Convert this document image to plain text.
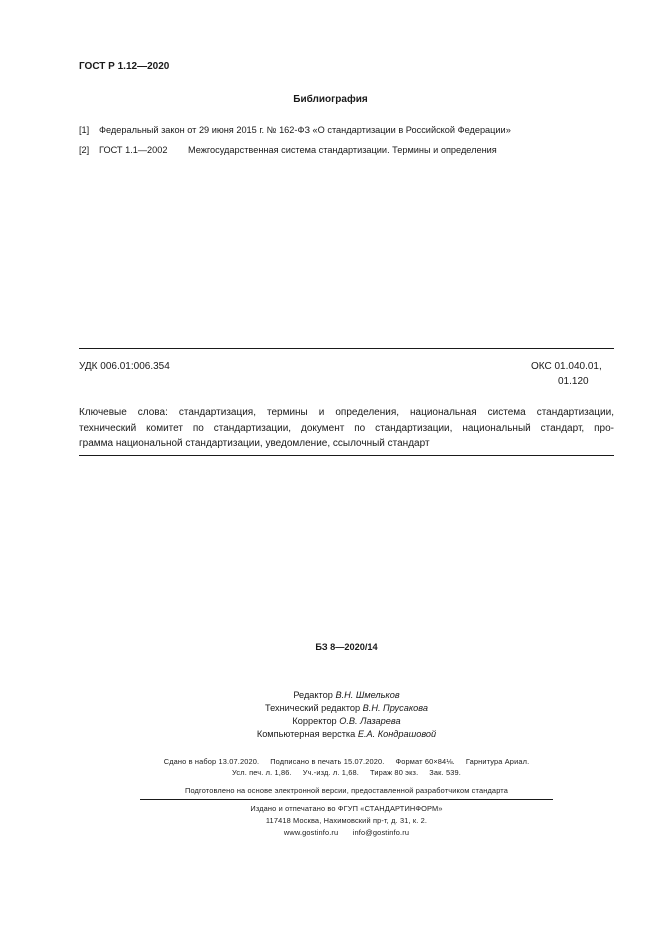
ГОСТ Р 1.12—2020
Библиография
[1] Федеральный закон от 29 июня 2015 г. № 162-ФЗ «О стандартизации в Российской Федерации»
[2] ГОСТ 1.1—2002 Межгосударственная система стандартизации. Термины и определения
УДК 006.01:006.354	ОКС 01.040.01,
01.120
Ключевые слова: стандартизация, термины и определения, национальная система стандартизации,
технический комитет по стандартизации, документ по стандартизации, национальный стандарт, про-
грамма национальной стандартизации, уведомление, ссылочный стандарт
БЗ 8—2020/14
Редактор В.Н. Шмельков
Технический редактор В.Н. Прусакова
Корректор О.В. Лазарева
Компьютерная верстка Е.А. Кондрашовой
Сдано в набор 13.07.2020.     Подписано в печать 15.07.2020.     Формат 60×84⅛.     Гарнитура Ариал.
Усл. печ. л. 1,86.     Уч.-изд. л. 1,68.     Тираж 80 экз.     Зак. 539.
Подготовлено на основе электронной версии, предоставленной разработчиком стандарта
Издано и отпечатано во ФГУП «СТАНДАРТИНФОРМ»
117418 Москва, Нахимовский пр-т, д. 31, к. 2.
www.gostinfo.ru info@gostinfo.ru
